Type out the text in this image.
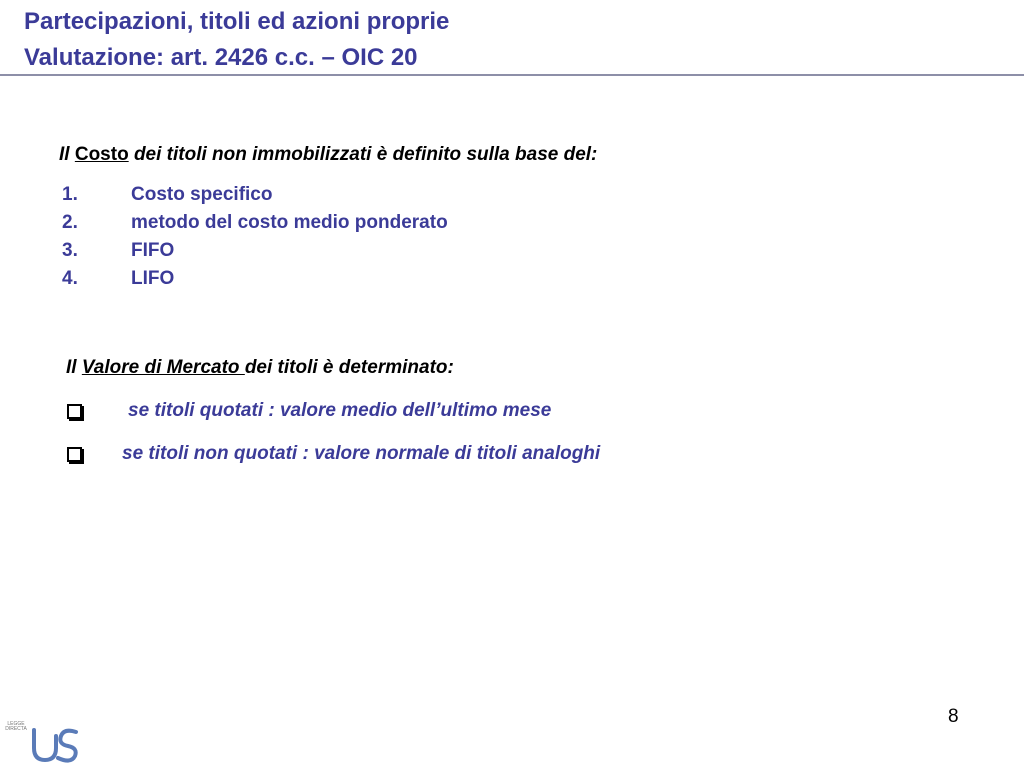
Partecipazioni, titoli ed azioni proprie
Valutazione: art. 2426 c.c. – OIC 20
Il Costo dei titoli non immobilizzati è definito sulla base del:
1.	Costo specifico
2.	metodo del costo medio ponderato
3.	FIFO
4.	LIFO
Il Valore di Mercato dei titoli è determinato:
se titoli quotati : valore medio dell’ultimo mese
se titoli non quotati : valore normale di titoli analoghi
8
LEGGE
DIRECTA
